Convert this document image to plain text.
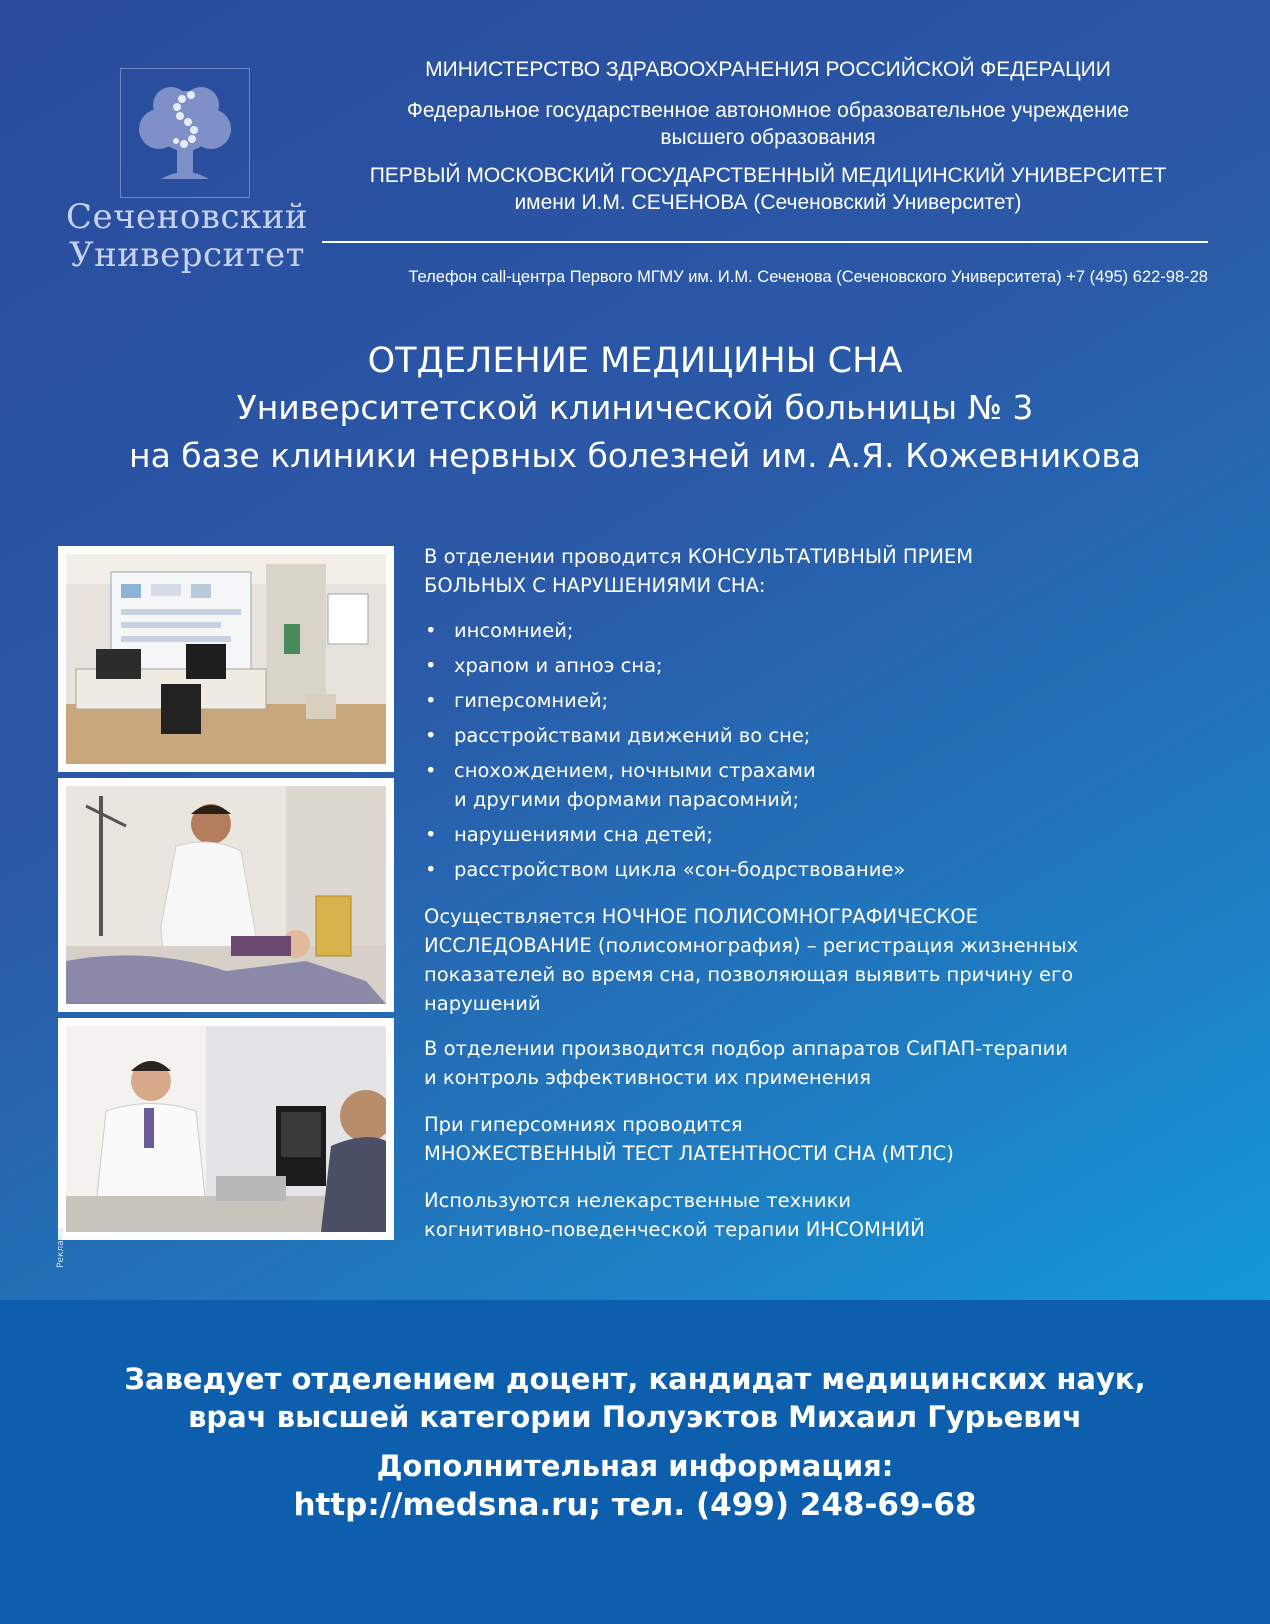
Сеченовский
Университет
МИНИСТЕРСТВО ЗДРАВООХРАНЕНИЯ РОССИЙСКОЙ ФЕДЕРАЦИИ
Федеральное государственное автономное образовательное учреждение
высшего образования
ПЕРВЫЙ МОСКОВСКИЙ ГОСУДАРСТВЕННЫЙ МЕДИЦИНСКИЙ УНИВЕРСИТЕТ
имени И.М. СЕЧЕНОВА (Сеченовский Университет)
Телефон call-центра Первого МГМУ им. И.М. Сеченова (Сеченовского Университета) +7 (495) 622-98-28
ОТДЕЛЕНИЕ МЕДИЦИНЫ СНА
Университетской клинической больницы № 3
на базе клиники нервных болезней им. А.Я. Кожевникова
Реклама
В отделении проводится КОНСУЛЬТАТИВНЫЙ ПРИЕМ
БОЛЬНЫХ С НАРУШЕНИЯМИ СНА:
• инсомнией;
• храпом и апноэ сна;
• гиперсомнией;
• расстройствами движений во сне;
• снохождением, ночными страхами
и другими формами парасомний;
• нарушениями сна детей;
• расстройством цикла «сон-бодрствование»
Осуществляется НОЧНОЕ ПОЛИСОМНОГРАФИЧЕСКОЕ
ИССЛЕДОВАНИЕ (полисомнография) – регистрация жизненных
показателей во время сна, позволяющая выявить причину его
нарушений
В отделении производится подбор аппаратов СиПАП-терапии
и контроль эффективности их применения
При гиперсомниях проводится
МНОЖЕСТВЕННЫЙ ТЕСТ ЛАТЕНТНОСТИ СНА (МТЛС)
Используются нелекарственные техники
когнитивно-поведенческой терапии ИНСОМНИЙ
Заведует отделением доцент, кандидат медицинских наук,
врач высшей категории Полуэктов Михаил Гурьевич
Дополнительная информация:
http://medsna.ru; тел. (499) 248-69-68
